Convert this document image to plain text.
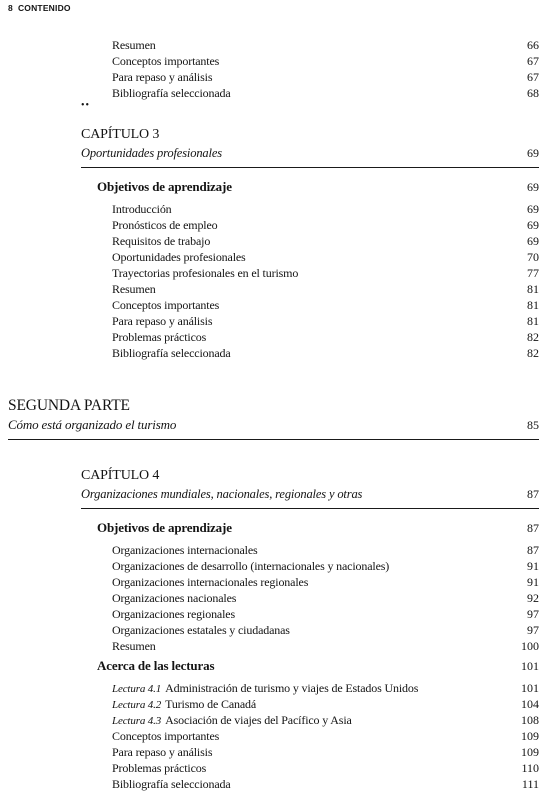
8 CONTENIDO
Resumen	66
Conceptos importantes	67
Para repaso y análisis	67
Bibliografía seleccionada	68
••
CAPÍTULO 3
Oportunidades profesionales	69
Objetivos de aprendizaje	69
Introducción	69
Pronósticos de empleo	69
Requisitos de trabajo	69
Oportunidades profesionales	70
Trayectorias profesionales en el turismo	77
Resumen	81
Conceptos importantes	81
Para repaso y análisis	81
Problemas prácticos	82
Bibliografía seleccionada	82
SEGUNDA PARTE
Cómo está organizado el turismo	85
CAPÍTULO 4
Organizaciones mundiales, nacionales, regionales y otras	87
Objetivos de aprendizaje	87
Organizaciones internacionales	87
Organizaciones de desarrollo (internacionales y nacionales)	91
Organizaciones internacionales regionales	91
Organizaciones nacionales	92
Organizaciones regionales	97
Organizaciones estatales y ciudadanas	97
Resumen	100
Acerca de las lecturas	101
Lectura 4.1 Administración de turismo y viajes de Estados Unidos	101
Lectura 4.2 Turismo de Canadá	104
Lectura 4.3 Asociación de viajes del Pacífico y Asia	108
Conceptos importantes	109
Para repaso y análisis	109
Problemas prácticos	110
Bibliografía seleccionada	111
